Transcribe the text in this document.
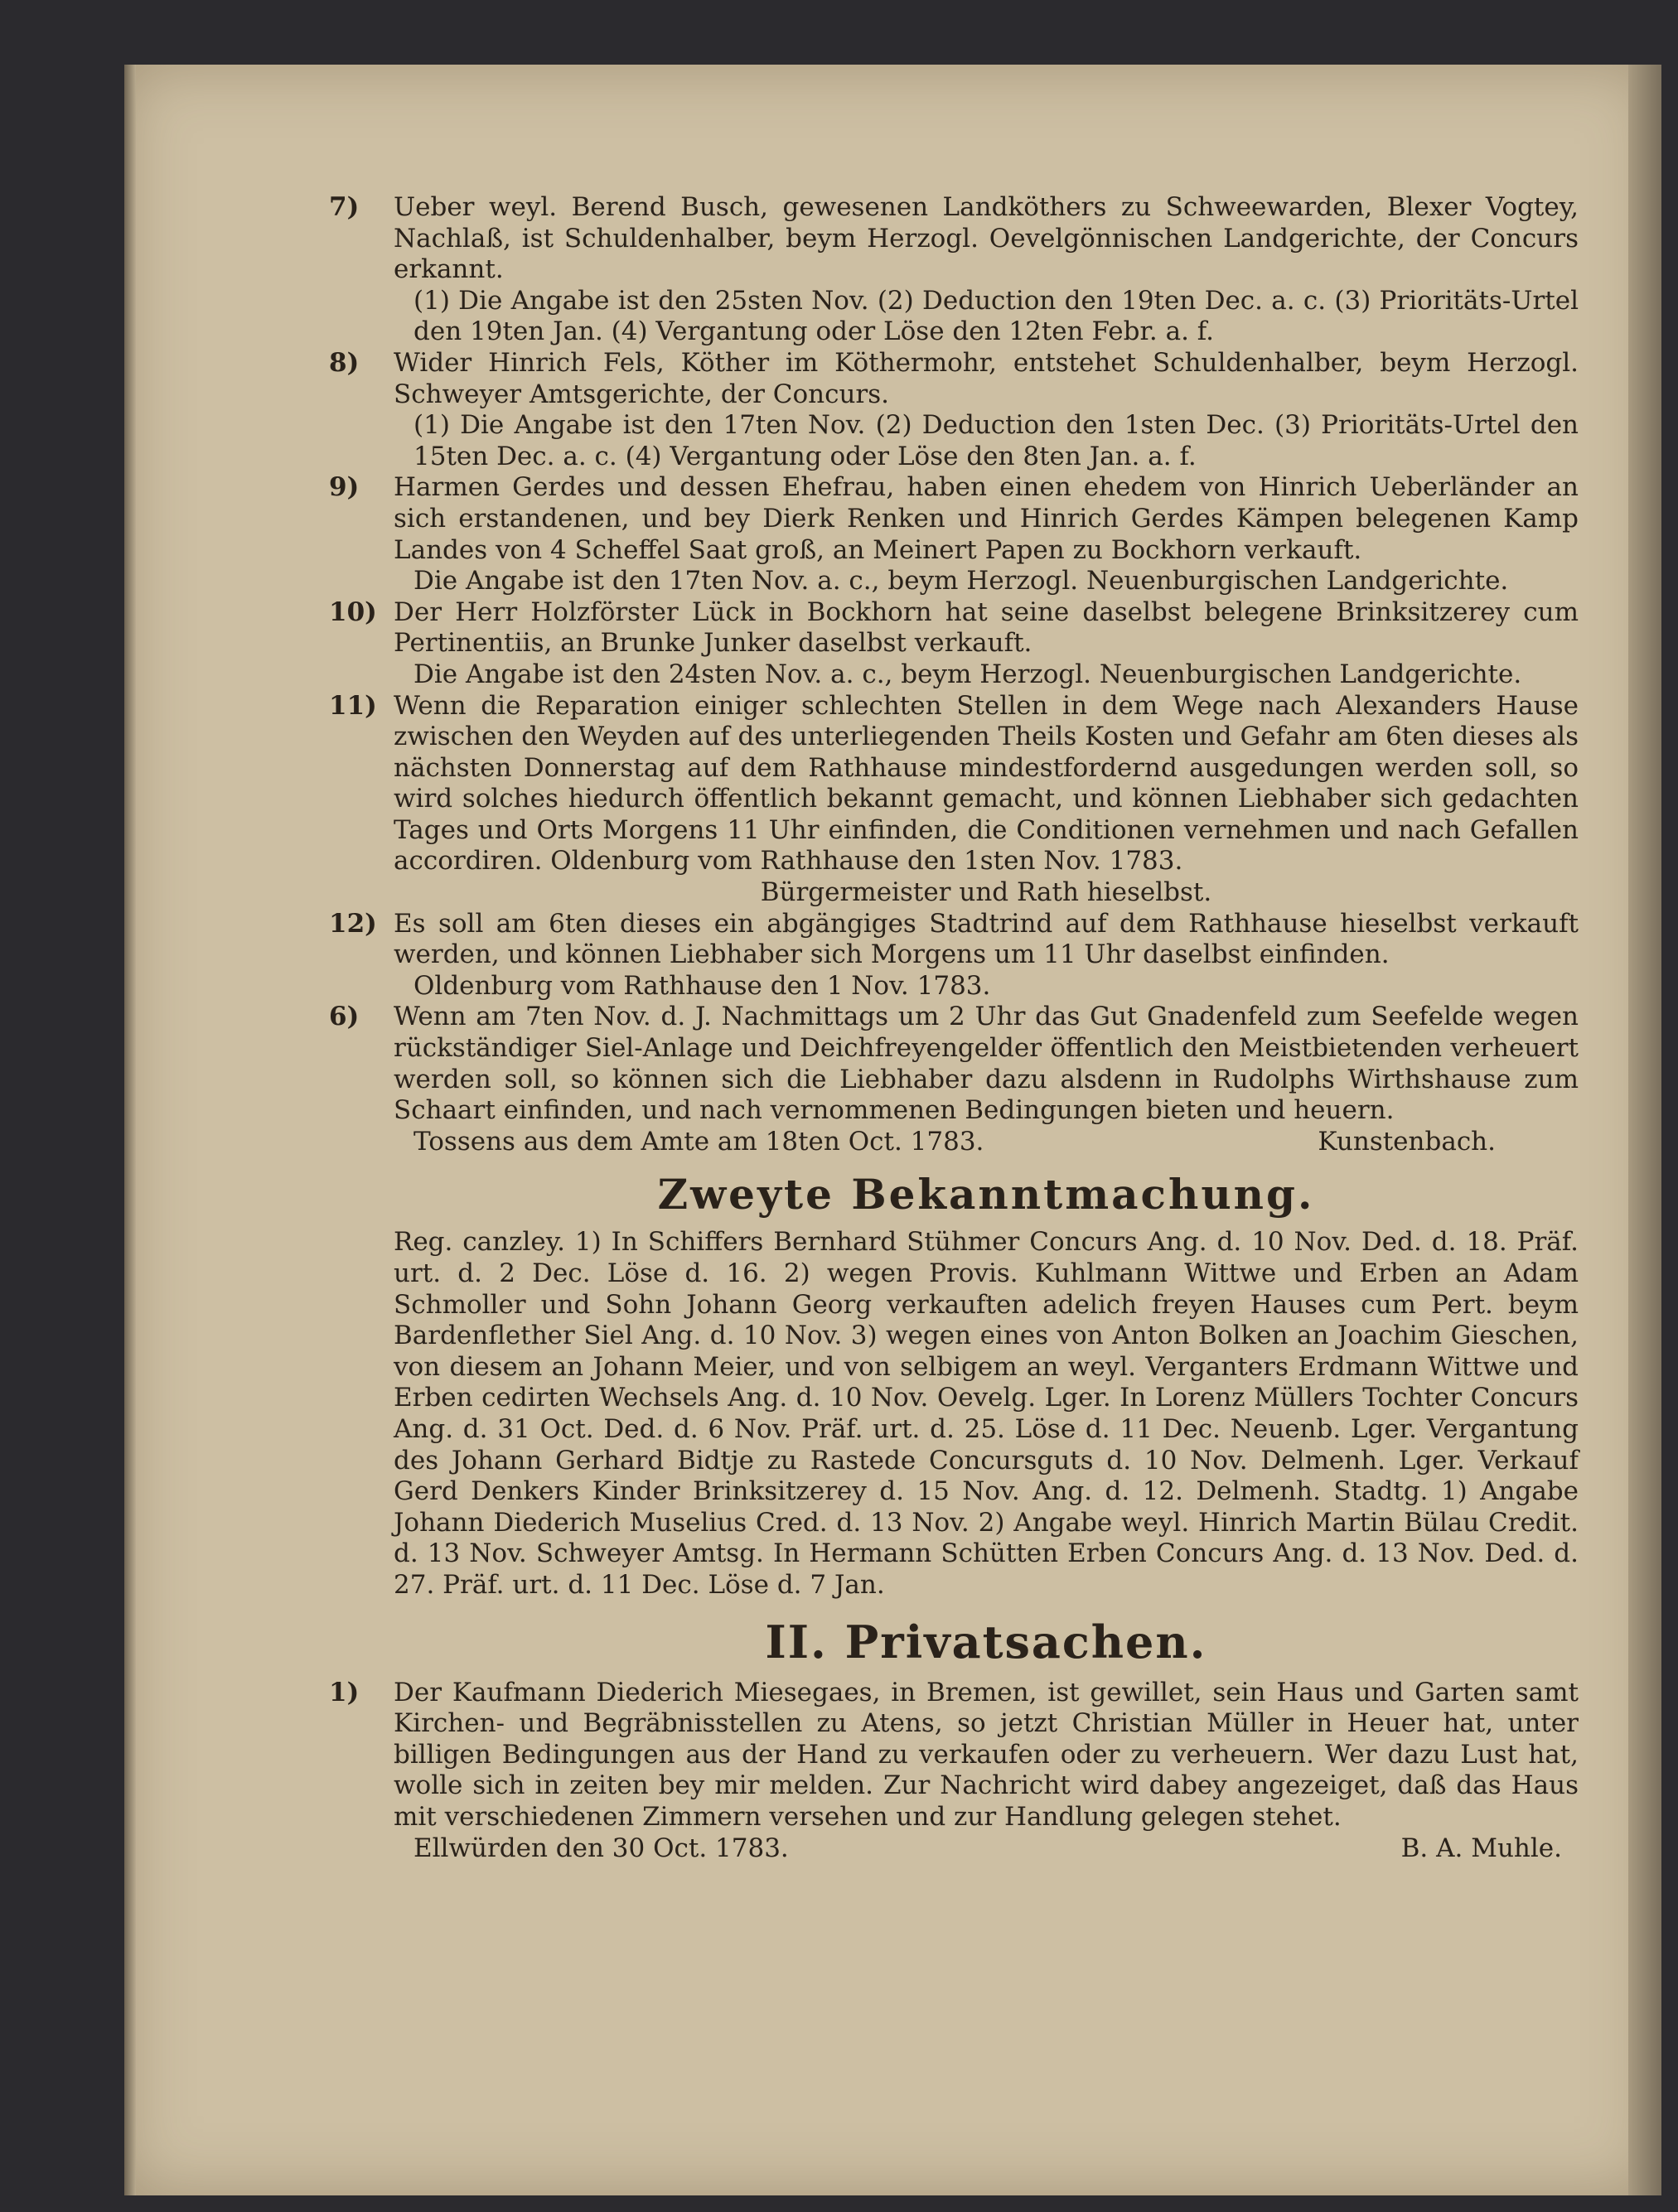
7) Ueber weyl. Berend Busch, gewesenen Landköthers zu Schweewarden, Blexer Vogtey, Nachlaß, ist Schuldenhalber, beym Herzogl. Oevelgönnischen Landgerichte, der Concurs erkannt.
(1) Die Angabe ist den 25sten Nov. (2) Deduction den 19ten Dec. a. c. (3) Prioritäts-Urtel den 19ten Jan. (4) Vergantung oder Löse den 12ten Febr. a. f.
8) Wider Hinrich Fels, Köther im Köthermohr, entstehet Schuldenhalber, beym Herzogl. Schweyer Amtsgerichte, der Concurs.
(1) Die Angabe ist den 17ten Nov. (2) Deduction den 1sten Dec. (3) Prioritäts-Urtel den 15ten Dec. a. c. (4) Vergantung oder Löse den 8ten Jan. a. f.
9) Harmen Gerdes und dessen Ehefrau, haben einen ehedem von Hinrich Ueberländer an sich erstandenen, und bey Dierk Renken und Hinrich Gerdes Kämpen belegenen Kamp Landes von 4 Scheffel Saat groß, an Meinert Papen zu Bockhorn verkauft.
Die Angabe ist den 17ten Nov. a. c., beym Herzogl. Neuenburgischen Landgerichte.
10) Der Herr Holzförster Lück in Bockhorn hat seine daselbst belegene Brinksitzerey cum Pertinentiis, an Brunke Junker daselbst verkauft.
Die Angabe ist den 24sten Nov. a. c., beym Herzogl. Neuenburgischen Landgerichte.
11) Wenn die Reparation einiger schlechten Stellen in dem Wege nach Alexanders Hause zwischen den Weyden auf des unterliegenden Theils Kosten und Gefahr am 6ten dieses als nächsten Donnerstag auf dem Rathhause mindestfordernd ausgedungen werden soll, so wird solches hiedurch öffentlich bekannt gemacht, und können Liebhaber sich gedachten Tages und Orts Morgens 11 Uhr einfinden, die Conditionen vernehmen und nach Gefallen accordiren. Oldenburg vom Rathhause den 1sten Nov. 1783.
Bürgermeister und Rath hieselbst.
12) Es soll am 6ten dieses ein abgängiges Stadtrind auf dem Rathhause hieselbst verkauft werden, und können Liebhaber sich Morgens um 11 Uhr daselbst einfinden.
Oldenburg vom Rathhause den 1 Nov. 1783.
6) Wenn am 7ten Nov. d. J. Nachmittags um 2 Uhr das Gut Gnadenfeld zum Seefelde wegen rückständiger Siel-Anlage und Deichfreyengelder öffentlich den Meistbietenden verheuert werden soll, so können sich die Liebhaber dazu alsdenn in Rudolphs Wirthshause zum Schaart einfinden, und nach vernommenen Bedingungen bieten und heuern.
Tossens aus dem Amte am 18ten Oct. 1783.	Kunstenbach.
Zweyte Bekanntmachung.
Reg. canzley. 1) In Schiffers Bernhard Stühmer Concurs Ang. d. 10 Nov. Ded. d. 18. Präf. urt. d. 2 Dec. Löse d. 16. 2) wegen Provis. Kuhlmann Wittwe und Erben an Adam Schmoller und Sohn Johann Georg verkauften adelich freyen Hauses cum Pert. beym Bardenflether Siel Ang. d. 10 Nov. 3) wegen eines von Anton Bolken an Joachim Gieschen, von diesem an Johann Meier, und von selbigem an weyl. Verganters Erdmann Wittwe und Erben cedirten Wechsels Ang. d. 10 Nov. Oevelg. Lger. In Lorenz Müllers Tochter Concurs Ang. d. 31 Oct. Ded. d. 6 Nov. Präf. urt. d. 25. Löse d. 11 Dec. Neuenb. Lger. Vergantung des Johann Gerhard Bidtje zu Rastede Concursguts d. 10 Nov. Delmenh. Lger. Verkauf Gerd Denkers Kinder Brinksitzerey d. 15 Nov. Ang. d. 12. Delmenh. Stadtg. 1) Angabe Johann Diederich Muselius Cred. d. 13 Nov. 2) Angabe weyl. Hinrich Martin Bülau Credit. d. 13 Nov. Schweyer Amtsg. In Hermann Schütten Erben Concurs Ang. d. 13 Nov. Ded. d. 27. Präf. urt. d. 11 Dec. Löse d. 7 Jan.
II. Privatsachen.
1) Der Kaufmann Diederich Miesegaes, in Bremen, ist gewillet, sein Haus und Garten samt Kirchen- und Begräbnisstellen zu Atens, so jetzt Christian Müller in Heuer hat, unter billigen Bedingungen aus der Hand zu verkaufen oder zu verheuern. Wer dazu Lust hat, wolle sich in zeiten bey mir melden. Zur Nachricht wird dabey angezeiget, daß das Haus mit verschiedenen Zimmern versehen und zur Handlung gelegen stehet.
Ellwürden den 30 Oct. 1783.	B. A. Muhle.
